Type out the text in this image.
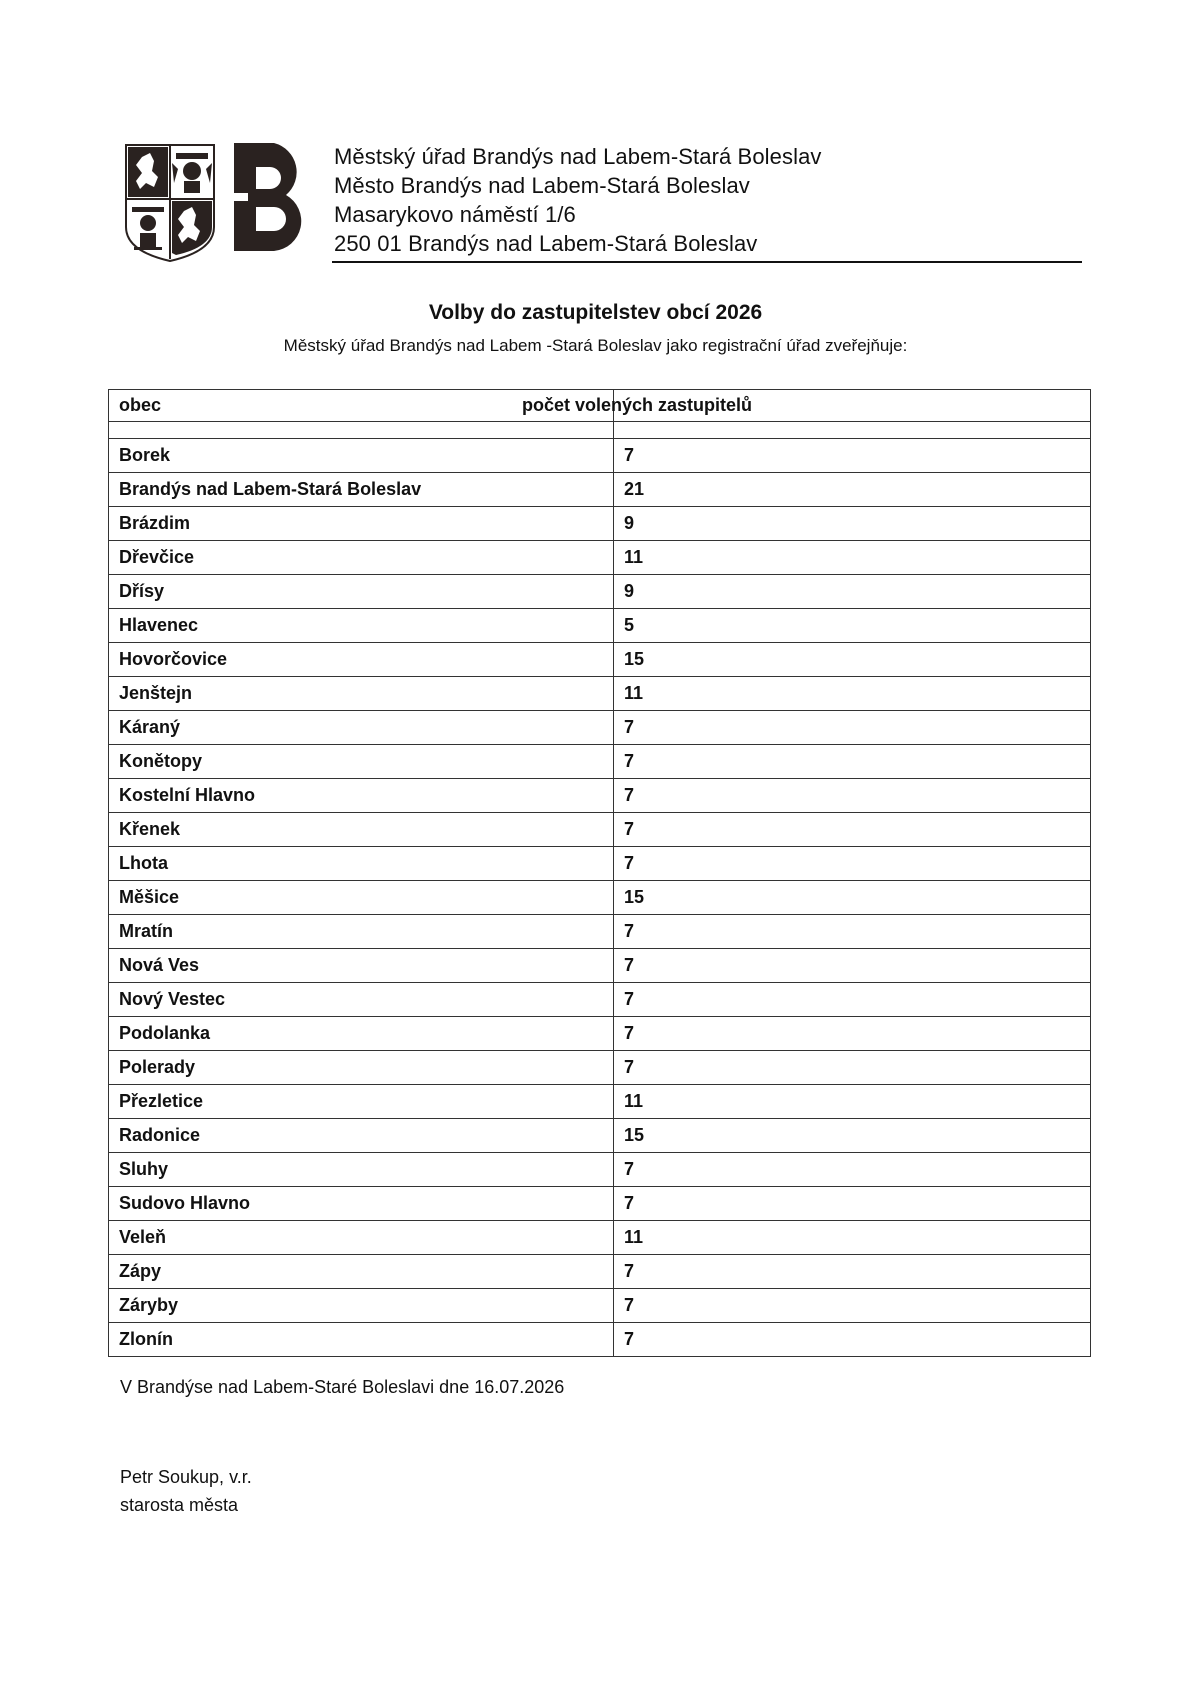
Městský úřad Brandýs nad Labem-Stará Boleslav
Město Brandýs nad Labem-Stará Boleslav
Masarykovo náměstí 1/6
250 01 Brandýs nad Labem-Stará Boleslav
Volby do zastupitelstev obcí 2026
Městský úřad Brandýs nad Labem -Stará Boleslav jako registrační úřad zveřejňuje:
obec	počet volených zastupitelů

Borek	7
Brandýs nad Labem-Stará Boleslav	21
Brázdim	9
Dřevčice	11
Dřísy	9
Hlavenec	5
Hovorčovice	15
Jenštejn	11
Káraný	7
Konětopy	7
Kostelní Hlavno	7
Křenek	7
Lhota	7
Měšice	15
Mratín	7
Nová Ves	7
Nový Vestec	7
Podolanka	7
Polerady	7
Přezletice	11
Radonice	15
Sluhy	7
Sudovo Hlavno	7
Veleň	11
Zápy	7
Záryby	7
Zlonín	7
V Brandýse nad Labem-Staré Boleslavi dne 16.07.2026
Petr Soukup, v.r.
starosta města
